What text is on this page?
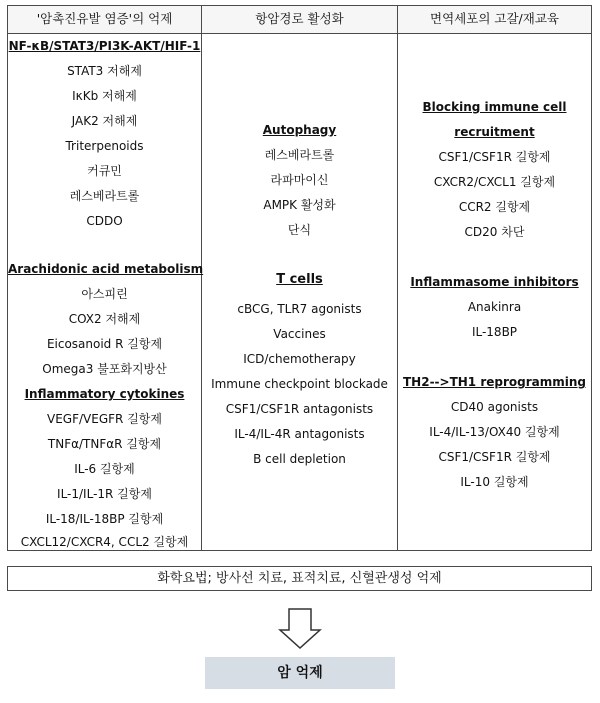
'암촉진유발 염증'의 억제
NF-κB/STAT3/PI3K-AKT/HIF-1
STAT3 저해제
IκKb 저해제
JAK2 저해제
Triterpenoids
커큐민
레스베라트롤
CDDO
Arachidonic acid metabolism
아스피린
COX2 저해제
Eicosanoid R 길항제
Omega3 불포화지방산
Inflammatory cytokines
VEGF/VEGFR 길항제
TNFα/TNFαR 길항제
IL-6 길항제
IL-1/IL-1R 길항제
IL-18/IL-18BP 길항제
CXCL12/CXCR4, CCL2 길항제
항암경로 활성화
Autophagy
레스베라트롤
라파마이신
AMPK 활성화
단식
T cells
cBCG, TLR7 agonists
Vaccines
ICD/chemotherapy
Immune checkpoint blockade
CSF1/CSF1R antagonists
IL-4/IL-4R antagonists
B cell depletion
면역세포의 고갈/재교육
Blocking immune cell
recruitment
CSF1/CSF1R 길항제
CXCR2/CXCL1 길항제
CCR2 길항제
CD20 차단
Inflammasome inhibitors
Anakinra
IL-18BP
TH2-->TH1 reprogramming
CD40 agonists
IL-4/IL-13/OX40 길항제
CSF1/CSF1R 길항제
IL-10 길항제
화학요법; 방사선 치료, 표적치료, 신혈관생성 억제
암 억제
